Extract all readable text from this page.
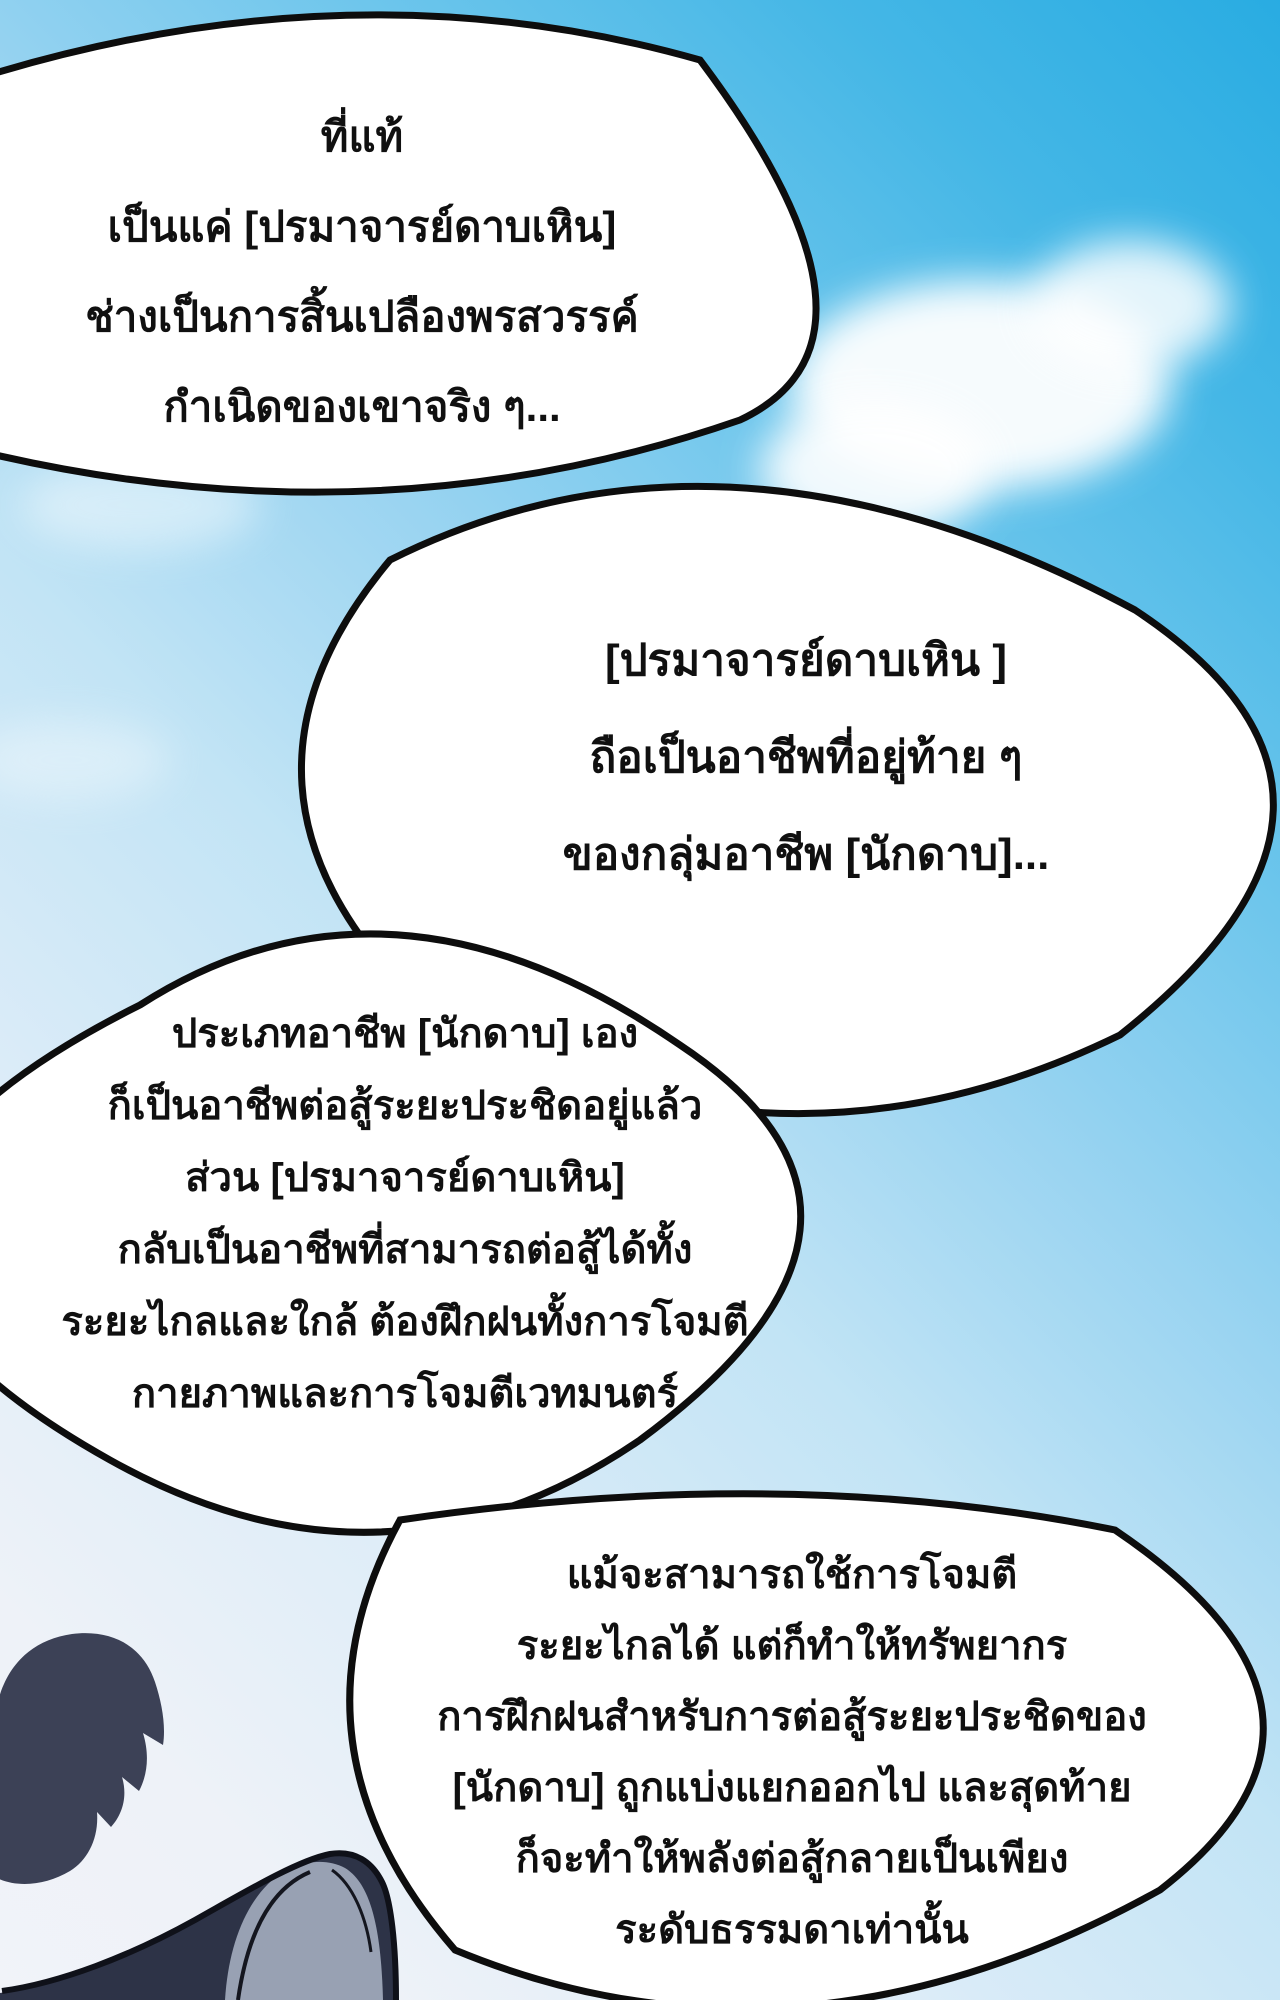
ที่แท้
เป็นแค่ [ปรมาจารย์ดาบเหิน]
ช่างเป็นการสิ้นเปลืองพรสวรรค์
กำเนิดของเขาจริง ๆ...
[ปรมาจารย์ดาบเหิน ]
ถือเป็นอาชีพที่อยู่ท้าย ๆ
ของกลุ่มอาชีพ [นักดาบ]...
ประเภทอาชีพ [นักดาบ] เอง
ก็เป็นอาชีพต่อสู้ระยะประชิดอยู่แล้ว
ส่วน [ปรมาจารย์ดาบเหิน]
กลับเป็นอาชีพที่สามารถต่อสู้ได้ทั้ง
ระยะไกลและใกล้ ต้องฝึกฝนทั้งการโจมตี
กายภาพและการโจมตีเวทมนตร์
แม้จะสามารถใช้การโจมตี
ระยะไกลได้ แต่ก็ทำให้ทรัพยากร
การฝึกฝนสำหรับการต่อสู้ระยะประชิดของ
[นักดาบ] ถูกแบ่งแยกออกไป และสุดท้าย
ก็จะทำให้พลังต่อสู้กลายเป็นเพียง
ระดับธรรมดาเท่านั้น
